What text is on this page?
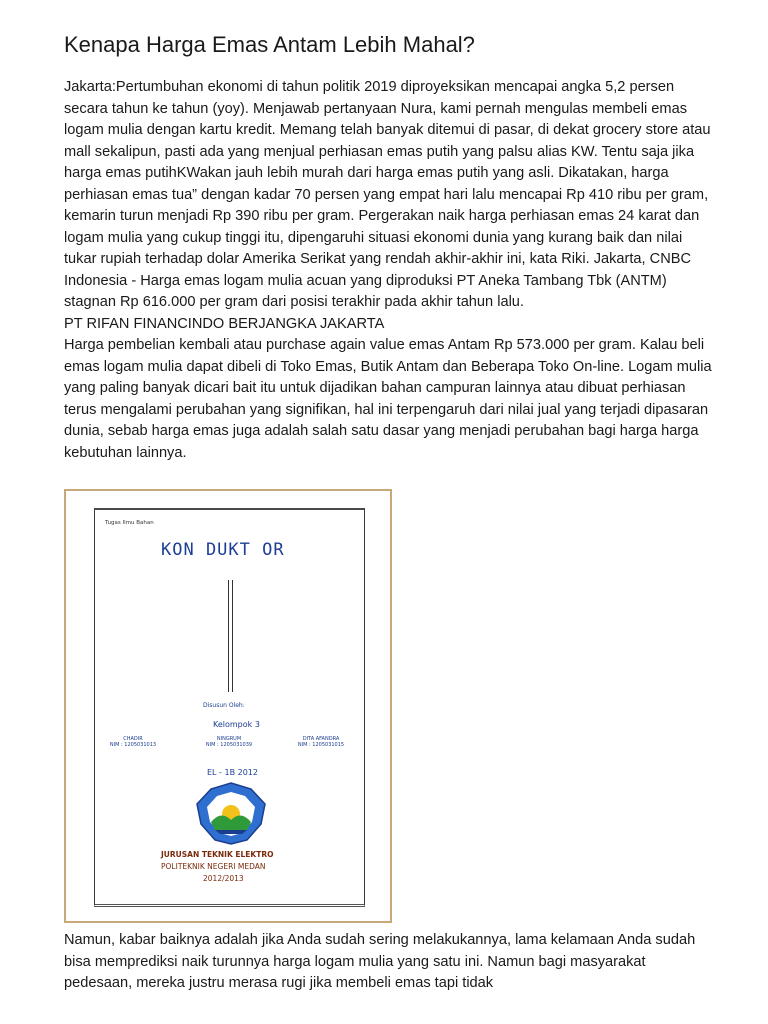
Kenapa Harga Emas Antam Lebih Mahal?

Jakarta:Pertumbuhan ekonomi di tahun politik 2019 diproyeksikan mencapai angka 5,2 persen secara tahun ke tahun (yoy). Menjawab pertanyaan Nura, kami pernah mengulas membeli emas logam mulia dengan kartu kredit. Memang telah banyak ditemui di pasar, di dekat grocery store atau mall sekalipun, pasti ada yang menjual perhiasan emas putih yang palsu alias KW. Tentu saja jika harga emas putihKWakan jauh lebih murah dari harga emas putih yang asli. Dikatakan, harga perhiasan emas tua” dengan kadar 70 persen yang empat hari lalu mencapai Rp 410 ribu per gram, kemarin turun menjadi Rp 390 ribu per gram. Pergerakan naik harga perhiasan emas 24 karat dan logam mulia yang cukup tinggi itu, dipengaruhi situasi ekonomi dunia yang kurang baik dan nilai tukar rupiah terhadap dolar Amerika Serikat yang rendah akhir-akhir ini, kata Riki. Jakarta, CNBC Indonesia - Harga emas logam mulia acuan yang diproduksi PT Aneka Tambang Tbk (ANTM) stagnan Rp 616.000 per gram dari posisi terakhir pada akhir tahun lalu.

PT RIFAN FINANCINDO BERJANGKA JAKARTA

Harga pembelian kembali atau purchase again value emas Antam Rp 573.000 per gram. Kalau beli emas logam mulia dapat dibeli di Toko Emas, Butik Antam dan Beberapa Toko On-line. Logam mulia yang paling banyak dicari bait itu untuk dijadikan bahan campuran lainnya atau dibuat perhiasan terus mengalami perubahan yang signifikan, hal ini terpengaruh dari nilai jual yang terjadi dipasaran dunia, sebab harga emas juga adalah salah satu dasar yang menjadi perubahan bagi harga harga kebutuhan lainnya.

Tugas Ilmu Bahan
KON DUKT OR
Disusun Oleh:
Kelompok 3
CHADIR
NIM : 1205031013
NINGRUM
NIM : 1205031039
DITA AFANDRA
NIM : 1205031015
EL - 1B 2012
JURUSAN TEKNIK ELEKTRO
POLITEKNIK NEGERI MEDAN
2012/2013

Namun, kabar baiknya adalah jika Anda sudah sering melakukannya, lama kelamaan Anda sudah bisa memprediksi naik turunnya harga logam mulia yang satu ini. Namun bagi masyarakat pedesaan, mereka justru merasa rugi jika membeli emas tapi tidak
